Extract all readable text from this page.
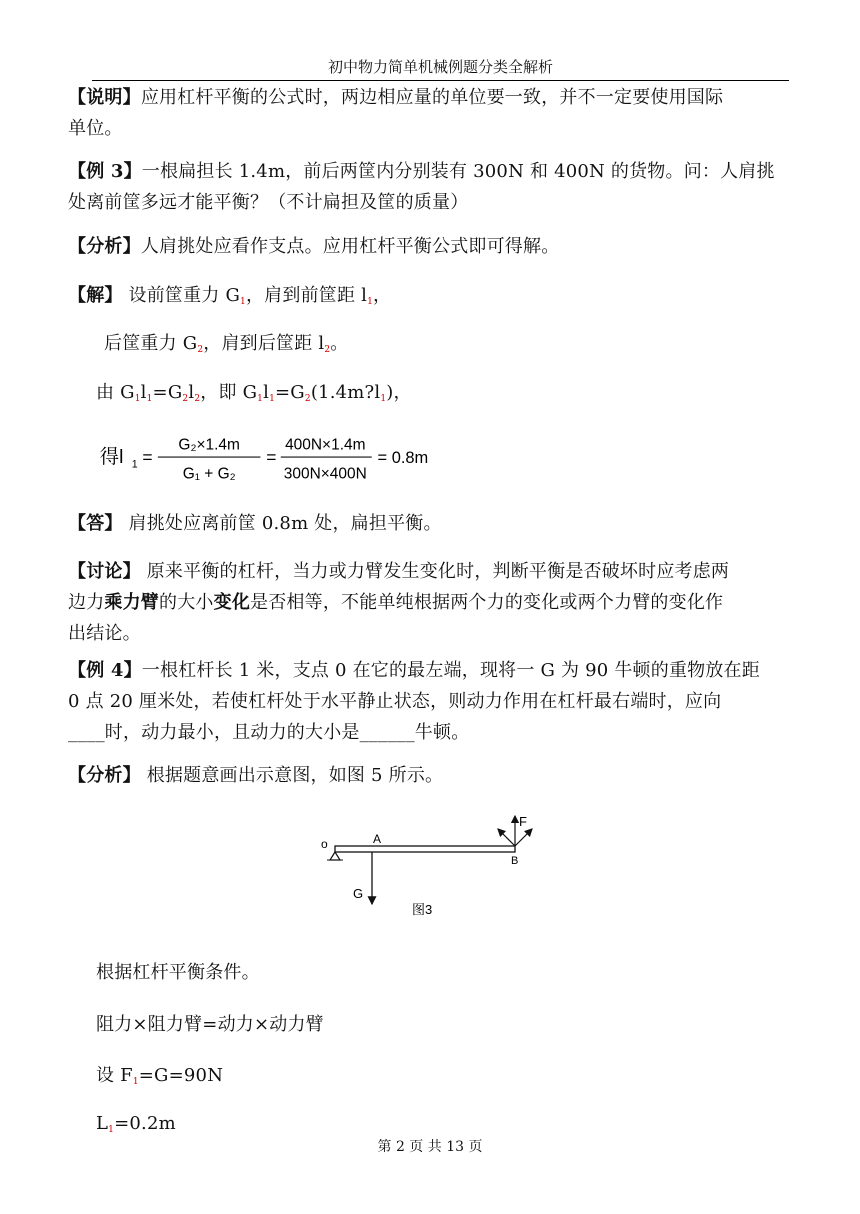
初中物力简单机械例题分类全解析
【说明】应用杠杆平衡的公式时，两边相应量的单位要一致，并不一定要使用国际
单位。
【例 3】一根扁担长 1.4m，前后两筐内分别装有 300N 和 400N 的货物。问：人肩挑
处离前筐多远才能平衡？（不计扁担及筐的质量）
【分析】人肩挑处应看作支点。应用杠杆平衡公式即可得解。
【解】 设前筐重力 $G_1$，肩到前筐距 $l_1$，
后筐重力 $G_2$，肩到后筐距 $l_2$。
由 $G_1l_1=G_2l_2$，即 $G_1l_1=G_2(1.4m?l_1)$，
得l 1 =
G₂×1.4m
G₁ + G₂
=
400N×1.4m
300N×400N
= 0.8m
【答】 肩挑处应离前筐 0.8m 处，扁担平衡。
【讨论】 原来平衡的杠杆，当力或力臂发生变化时，判断平衡是否破坏时应考虑两
边力乘力臂的大小变化是否相等，不能单纯根据两个力的变化或两个力臂的变化作
出结论。
【例 4】一根杠杆长 1 米，支点 0 在它的最左端，现将一 G 为 90 牛顿的重物放在距
0 点 20 厘米处，若使杠杆处于水平静止状态，则动力作用在杠杆最右端时，应向
____时，动力最小，且动力的大小是______牛顿。
【分析】 根据题意画出示意图，如图 5 所示。
o	A
B
F
G
图3
根据杠杆平衡条件。
阻力×阻力臂=动力×动力臂
设 $F_1=G=90N$
$L_1=0.2m$
第 2 页 共 13 页
